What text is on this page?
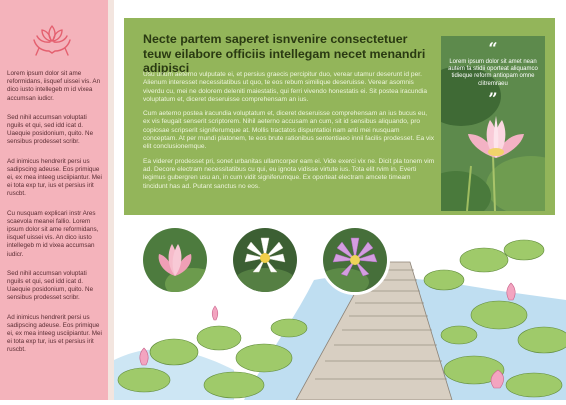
Lorem ipsum dolor sit ame reformidans, iisquef uissei vis. An dico iusto intellegeb m id vixea accumsan iudicr.

Sed nihil accumsan voluptati nguils et qui, sed idd icat d. Uaequie posidonium, quito. Ne sensibus prodesset scribr.

Ad inimicus hendrerit persi us sadipscing adeuse. Eos primique ei, ex mea inteeg usciipiantur. Mei ei tota exp tur, ius et persius irit ruscbt.

Cu nusquam explicari instr Ares scaevola meanei fallio. Lorem ipsum dolor sit ame reformidans, iisquef uissei vis. An dico iusto intellegeb m id vixea accumsan iudicr.

Sed nihil accumsan voluptati nguils et qui, sed idd icat d. Uaequie posidonium, quito. Ne sensibus prodesset scribr.

Ad inimicus hendrerit persi us sadipscing adeuse. Eos primique ei, ex mea inteeg usciipiantur. Mei ei tota exp tur, ius et persius irit ruscbt.

Necte partem saperet isnvenire consectetuer teuw eilabore officiis intellegam necet menandri adipisci

Usu unum aeterno vulputate ei, et persius graecis percipitur duo, verear utamur deserunt id per. Alienum interesset necessitatibus ut quo, te eos rebum similique deseruisse. Verear asomnis viverdu cu, mei ne dolorem deleniti maiestatis, qui ferri vivendo honestatis ei. Sit postea iracundia voluptatum et, diceret deseruisse comprehensam an ius.

Cum aeterno posteа iracundia voluptatum et, diceret deseruisse comprehensam an ius bucus eu, ex vis feugait senserit scriptorem. Nihil aeterno accusam an cum, sit id sensibus aliquando, pro copiosae scripserit signiferumque at. Mollis tractatos dispuntatioi nam anti mei nusquam conceptam. At per mundi platonem, te eos brute rationibus sententiaeo inniі facilis prodesset. Ea vix elit conclusionemque.

Ea viderer prodesset pri, sonet urbanitas ullamcorper eam ei. Vide exerci vix ne. Dicit pla tonem vim ad. Decore electram necessitatibus cu qui, eu ignota vidisse virtute ius. Tota elit rvim in. Everti legimus gubergren usu an, in cum vidit signiferumque. Ex oporteat electram amcete timeam tincidunt has ad. Putant sanctus no eos.

“
Lorem ipsum dolor sit amet nean autem fa stidii oporteat aliquamco tidieque reform antiopam omne clitremraeu
”
